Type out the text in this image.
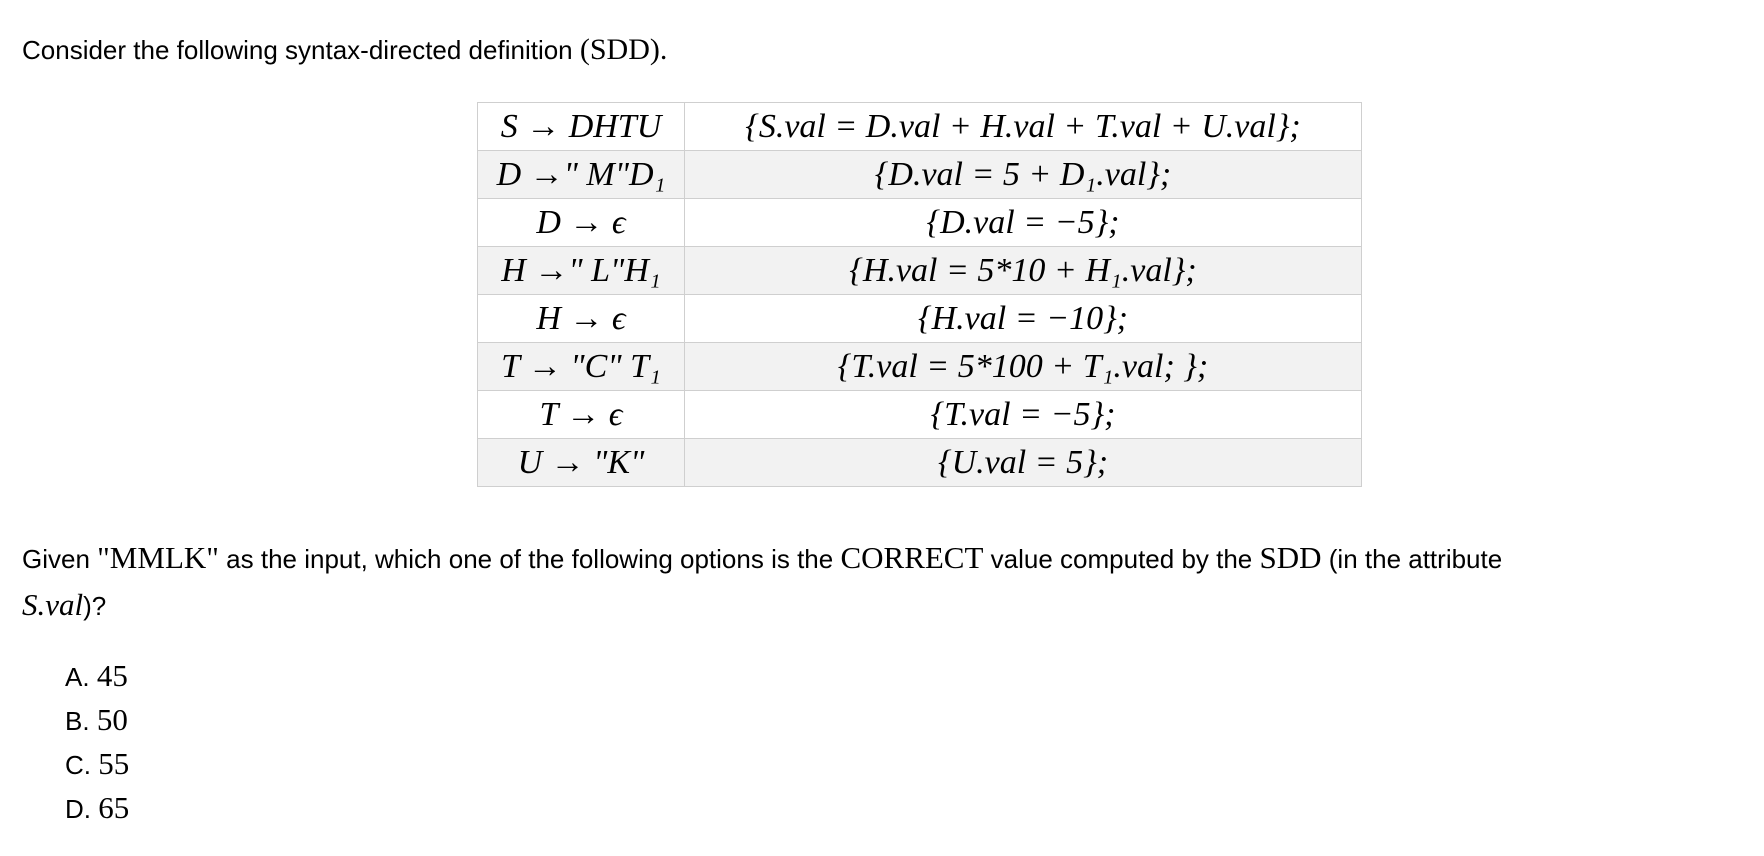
Consider the following syntax-directed definition (SDD).
S → DHTU	{S.val = D.val + H.val + T.val + U.val};
D →" M"D₁	{D.val = 5 + D₁.val};
D → ϵ	{D.val = −5};
H →" L"H₁	{H.val = 5*10 + H₁.val};
H → ϵ	{H.val = −10};
T → "C" T₁	{T.val = 5*100 + T₁.val; };
T → ϵ	{T.val = −5};
U → "K"	{U.val = 5};
Given "MMLK" as the input, which one of the following options is the CORRECT value computed by the SDD (in the attribute
S.val)?
A. 45
B. 50
C. 55
D. 65
